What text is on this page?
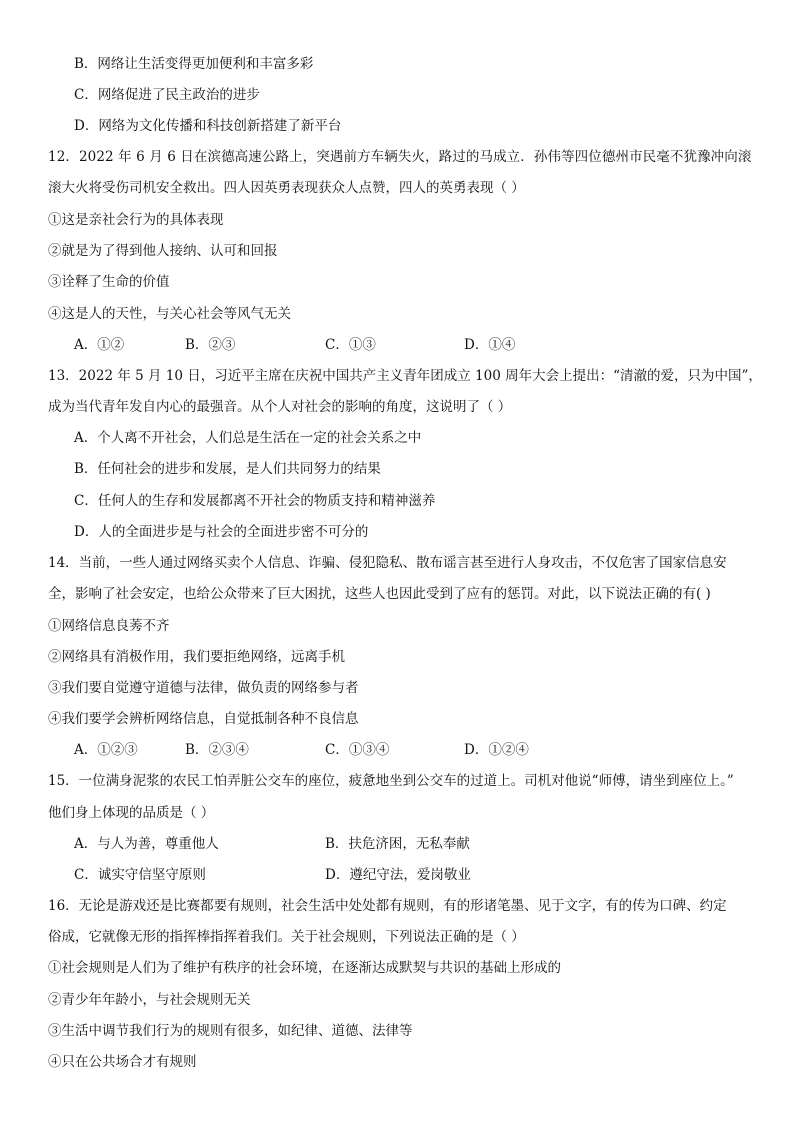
B．网络让生活变得更加便利和丰富多彩
C．网络促进了民主政治的进步
D．网络为文化传播和科技创新搭建了新平台
12．2022 年 6 月 6 日在滨德高速公路上，突遇前方车辆失火，路过的马成立．孙伟等四位德州市民毫不犹豫冲向滚
滚大火将受伤司机安全救出。四人因英勇表现获众人点赞，四人的英勇表现（ ）
①这是亲社会行为的具体表现
②就是为了得到他人接纳、认可和回报
③诠释了生命的价值
④这是人的天性，与关心社会等风气无关
A．①②	B．②③	C．①③	D．①④
13．2022 年 5 月 10 日，习近平主席在庆祝中国共产主义青年团成立 100 周年大会上提出：“清澈的爱，只为中国”，
成为当代青年发自内心的最强音。从个人对社会的影响的角度，这说明了（ ）
A．个人离不开社会，人们总是生活在一定的社会关系之中
B．任何社会的进步和发展，是人们共同努力的结果
C．任何人的生存和发展都离不开社会的物质支持和精神滋养
D．人的全面进步是与社会的全面进步密不可分的
14．当前，一些人通过网络买卖个人信息、诈骗、侵犯隐私、散布谣言甚至进行人身攻击，不仅危害了国家信息安
全，影响了社会安定，也给公众带来了巨大困扰，这些人也因此受到了应有的惩罚。对此，以下说法正确的有( )
①网络信息良莠不齐
②网络具有消极作用，我们要拒绝网络，远离手机
③我们要自觉遵守道德与法律，做负责的网络参与者
④我们要学会辨析网络信息，自觉抵制各种不良信息
A．①②③	B．②③④	C．①③④	D．①②④
15．一位满身泥浆的农民工怕弄脏公交车的座位，疲惫地坐到公交车的过道上。司机对他说“师傅，请坐到座位上。”
他们身上体现的品质是（ ）
A．与人为善，尊重他人	B．扶危济困，无私奉献
C．诚实守信坚守原则	D．遵纪守法，爱岗敬业
16．无论是游戏还是比赛都要有规则，社会生活中处处都有规则，有的形诸笔墨、见于文字，有的传为口碑、约定
俗成，它就像无形的指挥棒指挥着我们。关于社会规则，下列说法正确的是（ ）
①社会规则是人们为了维护有秩序的社会环境，在逐渐达成默契与共识的基础上形成的
②青少年年龄小，与社会规则无关
③生活中调节我们行为的规则有很多，如纪律、道德、法律等
④只在公共场合才有规则
